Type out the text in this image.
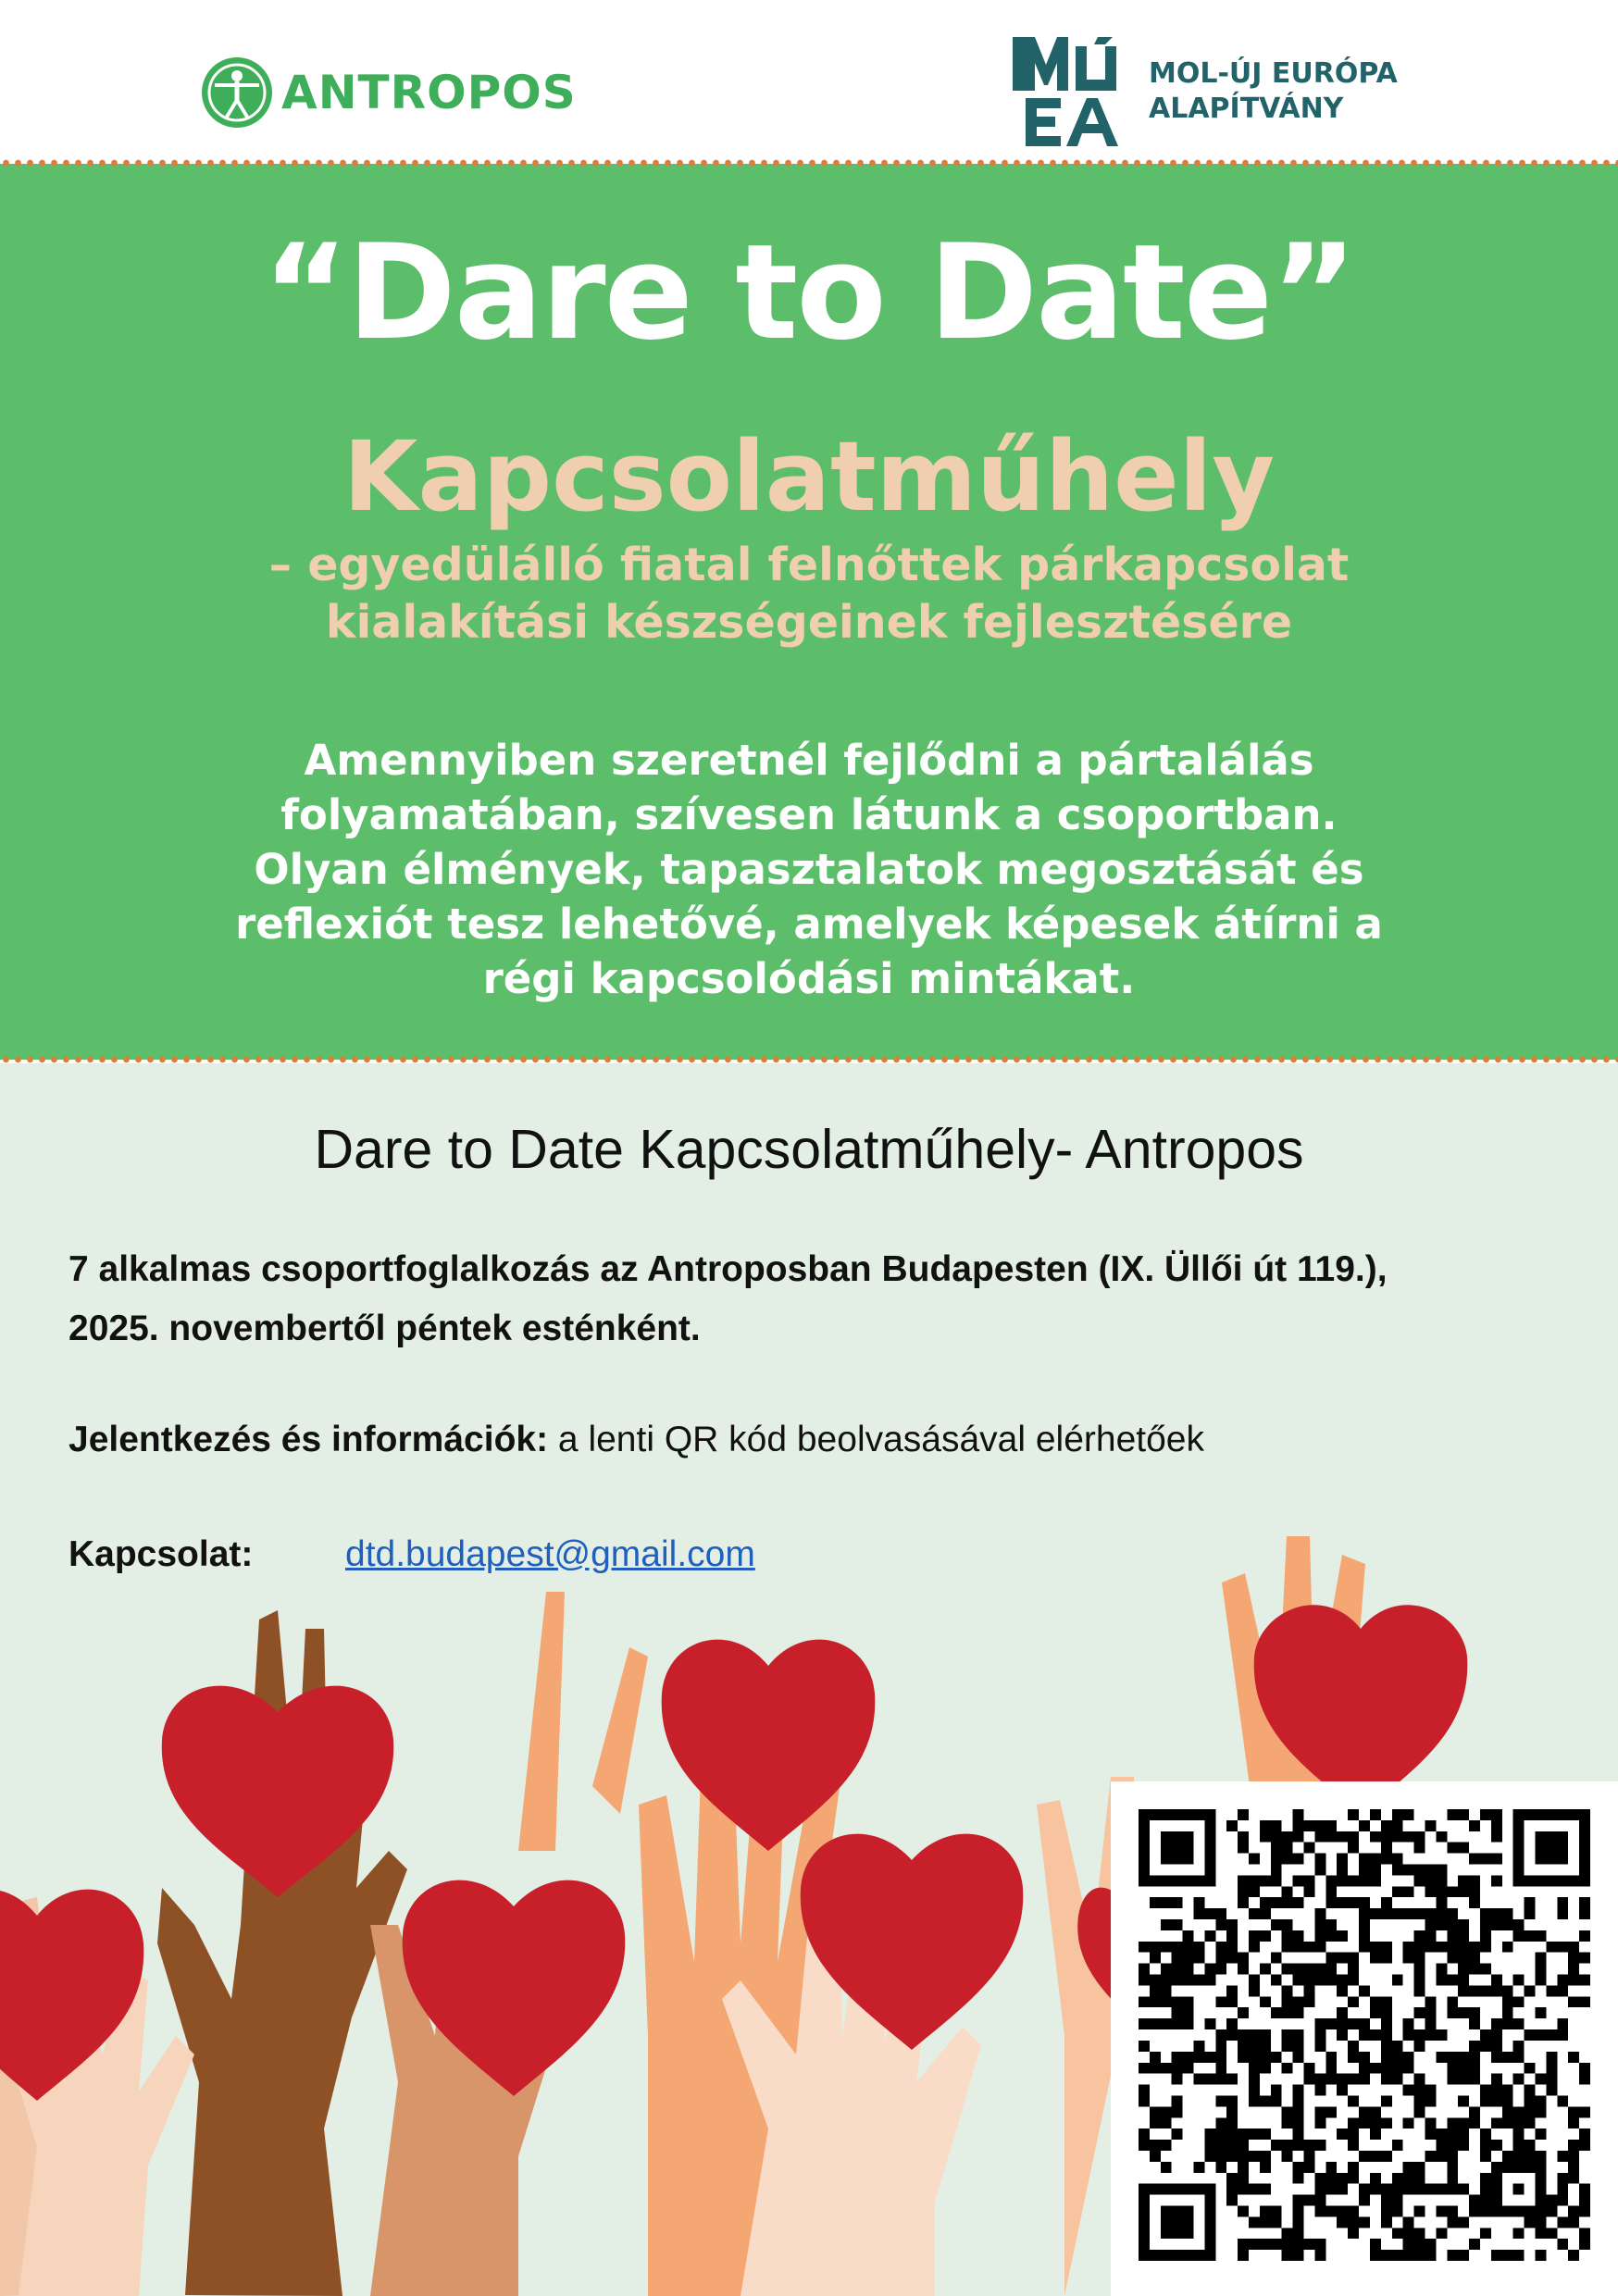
ANTROPOS	MOL-ÚJ EURÓPA
ALAPÍTVÁNY
“Dare to Date”
Kapcsolatműhely
– egyedülálló fiatal felnőttek párkapcsolat
kialakítási készségeinek fejlesztésére
Amennyiben szeretnél fejlődni a pártalálás
folyamatában, szívesen látunk a csoportban.
Olyan élmények, tapasztalatok megosztását és
reflexiót tesz lehetővé, amelyek képesek átírni a
régi kapcsolódási mintákat.
Dare to Date Kapcsolatműhely- Antropos
7 alkalmas csoportfoglalkozás az Antroposban Budapesten (IX. Üllői út 119.),
2025. novembertől péntek esténként.
Jelentkezés és információk: a lenti QR kód beolvasásával elérhetőek
Kapcsolat:	dtd.budapest@gmail.com
